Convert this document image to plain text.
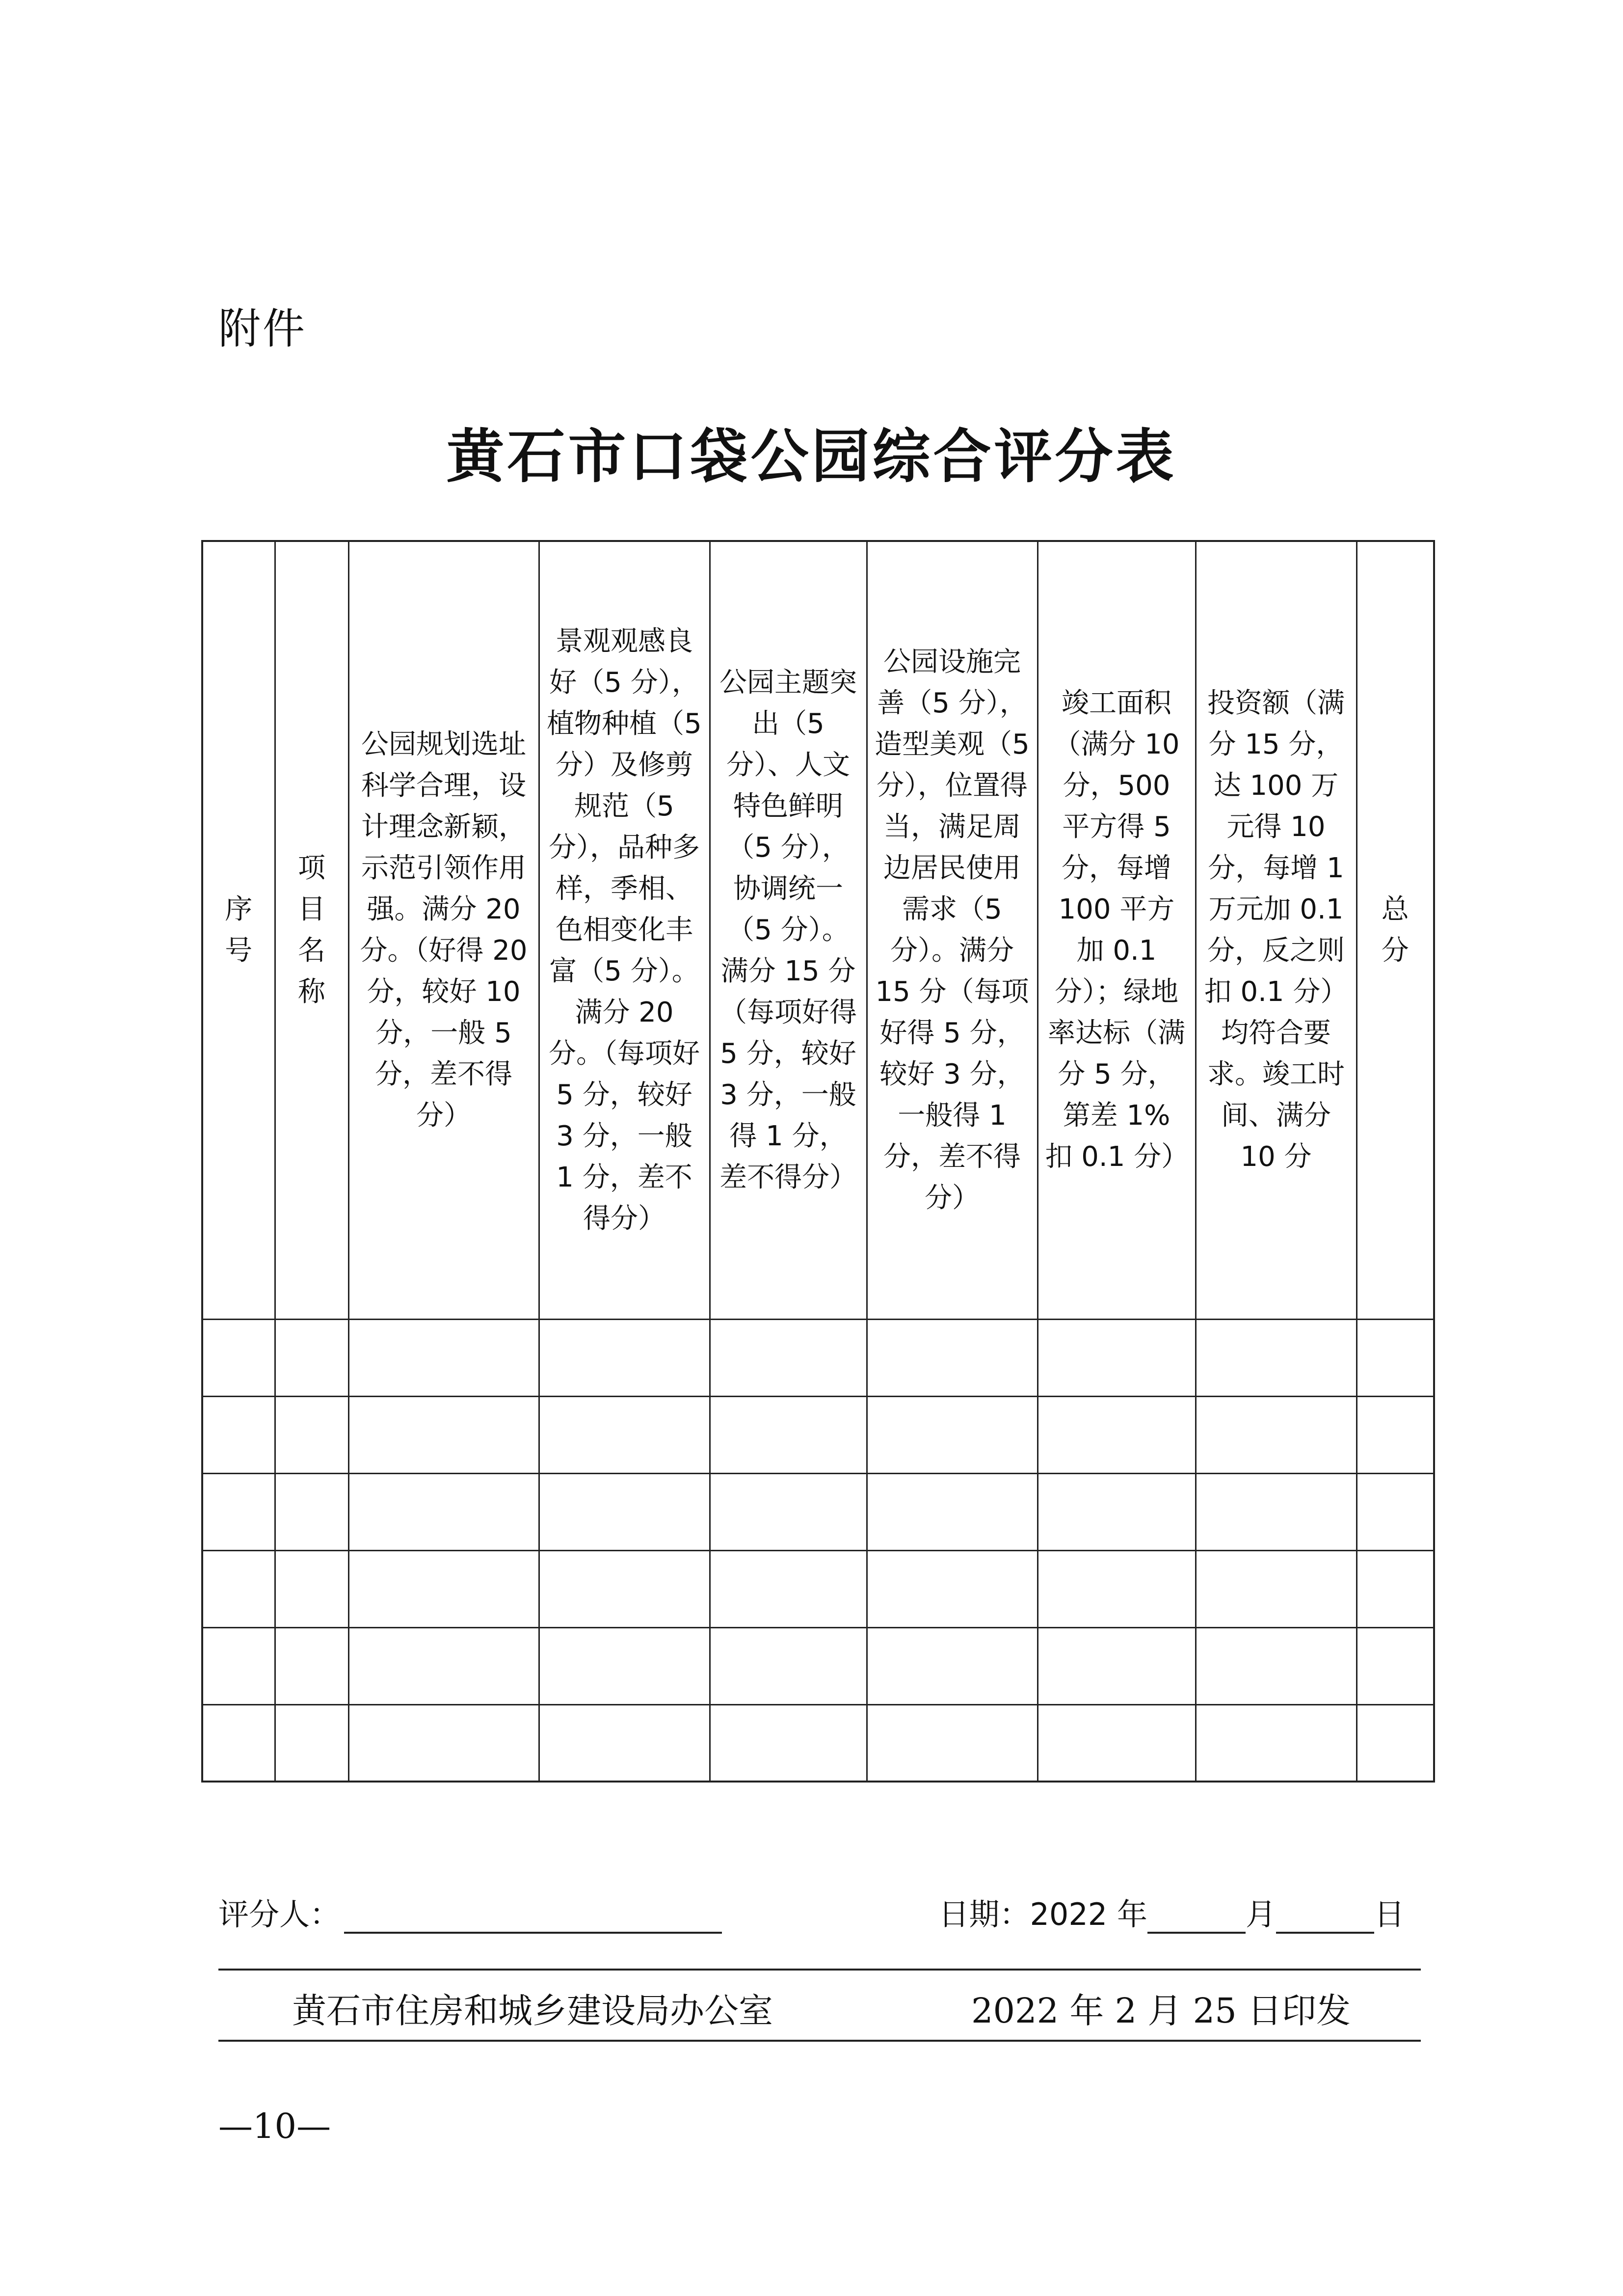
附件
黄石市口袋公园综合评分表
序号	项目名称	公园规划选址科学合理，设计理念新颖，示范引领作用强。满分 20 分。（好得 20 分，较好 10 分，一般 5 分，差不得分）	景观观感良好（5 分），植物种植（5 分）及修剪规范（5 分），品种多样，季相、色相变化丰富（5 分）。满分 20 分。（每项好 5 分，较好 3 分，一般 1 分，差不得分）	公园主题突出（5 分）、人文特色鲜明（5 分），协调统一（5 分）。满分 15 分（每项好得 5 分，较好 3 分，一般得 1 分，差不得分）	公园设施完善（5 分），造型美观（5 分），位置得当，满足周边居民使用需求（5 分）。满分 15 分（每项好得 5 分，较好 3 分，一般得 1 分，差不得分）	竣工面积（满分 10 分，500 平方得 5 分，每增 100 平方加 0.1 分）；绿地率达标（满分 5 分，第差 1% 扣 0.1 分）	投资额（满分 15 分，达 100 万元得 10 分，每增 1 万元加 0.1 分，反之则扣 0.1 分）均符合要求。竣工时间、满分 10 分	总分

评分人：	日期：2022 年	月	日
黄石市住房和城乡建设局办公室	2022 年 2 月 25 日印发
—10—
